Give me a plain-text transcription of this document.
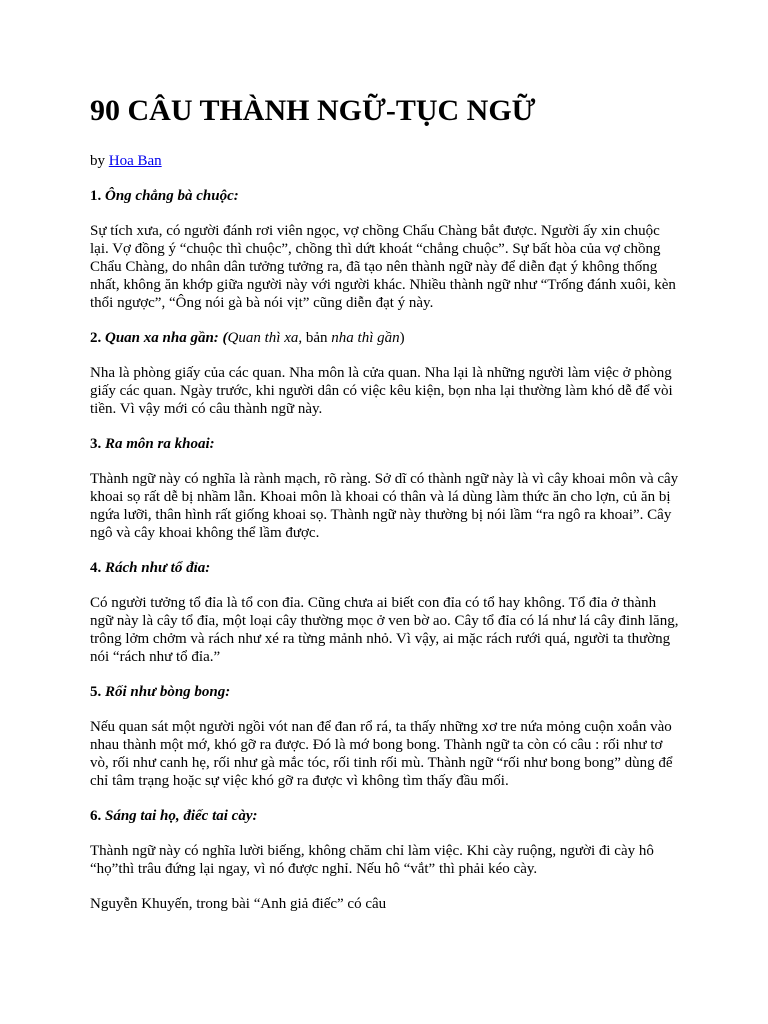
90 CÂU THÀNH NGỮ-TỤC NGỮ

by Hoa Ban

1. Ông chẳng bà chuộc:

Sự tích xưa, có người đánh rơi viên ngọc, vợ chồng Chẩu Chàng bắt được. Người ấy xin chuộc lại. Vợ đồng ý “chuộc thì chuộc”, chồng thì dứt khoát “chẳng chuộc”. Sự bất hòa của vợ chồng Chẩu Chàng, do nhân dân tưởng tưởng ra, đã tạo nên thành ngữ này để diễn đạt ý không thống nhất, không ăn khớp giữa người này với người khác. Nhiều thành ngữ như “Trống đánh xuôi, kèn thổi ngược”, “Ông nói gà bà nói vịt” cũng diễn đạt ý này.

2. Quan xa nha gần: (Quan thì xa, bản nha thì gần)

Nha là phòng giấy của các quan. Nha môn là cửa quan. Nha lại là những người làm việc ở phòng giấy các quan. Ngày trước, khi người dân có việc kêu kiện, bọn nha lại thường làm khó dễ để vòi tiền. Vì vậy mới có câu thành ngữ này.

3. Ra môn ra khoai:

Thành ngữ này có nghĩa là rành mạch, rõ ràng. Sở dĩ có thành ngữ này là vì cây khoai môn và cây khoai sọ rất dễ bị nhầm lẫn. Khoai môn là khoai có thân và lá dùng làm thức ăn cho lợn, củ ăn bị ngứa lưỡi, thân hình rất giống khoai sọ. Thành ngữ này thường bị nói lầm “ra ngô ra khoai”. Cây ngô và cây khoai không thể lầm được.

4. Rách như tổ đỉa:

Có người tưởng tổ đỉa là tổ con đỉa. Cũng chưa ai biết con đỉa có tổ hay không. Tổ đỉa ở thành ngữ này là cây tổ đỉa, một loại cây thường mọc ở ven bờ ao. Cây tổ đỉa có lá như lá cây đinh lăng, trông lởm chởm và rách như xé ra từng mảnh nhỏ. Vì vậy, ai mặc rách rưới quá, người ta thường nói “rách như tổ đỉa.”

5. Rối như bòng bong:

Nếu quan sát một người ngồi vót nan để đan rổ rá, ta thấy những xơ tre nứa mỏng cuộn xoắn vào nhau thành một mớ, khó gỡ ra được. Đó là mớ bong bong. Thành ngữ ta còn có câu : rối như tơ vò, rối như canh hẹ, rối như gà mắc tóc, rối tinh rối mù. Thành ngữ “rối như bong bong” dùng để chỉ tâm trạng hoặc sự việc khó gỡ ra được vì không tìm thấy đầu mối.

6. Sáng tai họ, điếc tai cày:

Thành ngữ này có nghĩa lười biếng, không chăm chỉ làm việc. Khi cày ruộng, người đi cày hô “họ”thì trâu đứng lại ngay, vì nó được nghỉ. Nếu hô “vắt” thì phải kéo cày.

Nguyễn Khuyến, trong bài “Anh giả điếc” có câu
